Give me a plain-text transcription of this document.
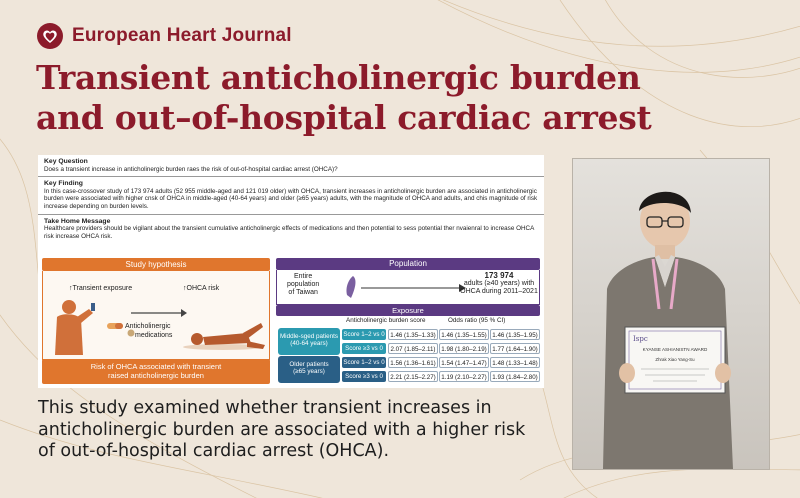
European Heart Journal
Transient anticholinergic burden
and out–of-hospital cardiac arrest
Key Question
Does a transient increase in anticholinergic burden raes the risk of out-of-hospital cardiac arrest (OHCA)?
Key Finding
In this case-crossover study of 173 974 adults (52 955 middle-aged and 121 019 older) with OHCA, transient increases in anticholinergic burden are associated in anticholinergic burden were associated with higher cnsk of OHCA in middle-aged (40-64 years) and older (≥65 years) adults, with the magnitude of OHCA and adults, and chis magnitude of risk increase depending on burden levels.
Take Home Message
Healthcare providers should be vigilant about the transient cumulative anticholinergic effects of medications and then potential to sess potential ther nvaienral to increase OHCA risk increase OHCA risk.
Study hypothesis
↑Transient exposure	↑OHCA risk
Anticholinergic
medications
Risk of OHCA associated with transient
raised anticholinergic burden
Population
Entire
population
of Taiwan
173 974
adults (≥40 years) with
OHCA during 2011–2021
Exposure
Anticholinergic burden score	Odds ratio (95 % CI)
Middle-sged patients
(40-64 years)
Score 1–2 vs 0 1.46 (1.35–1.33) 1.46 (1.35–1.55) 1.46 (1.35–1.95)
Score ≥3 vs 0	2.07 (1.85–2.11) 1.98 (1.80–2.19) 1.77 (1.64–1.90)
Older patients
(≥65 years)
Score 1–2 vs 0 1.56 (1.36–1.61) 1.54 (1.47–1.47) 1.48 (1.33–1.48)
Score ≥3 vs 0	2.21 (2.15–2.27) 1.19 (2.10–2.27) 1.93 (1.84–2.80)

This study examined whether transient increases in
anticholinergic burden are associated with a higher risk
of out-of-hospital cardiac arrest (OHCA).

Ispc
KYANSE ASHIANISTN AWARD
Zhrak Xiao Yang-Su
